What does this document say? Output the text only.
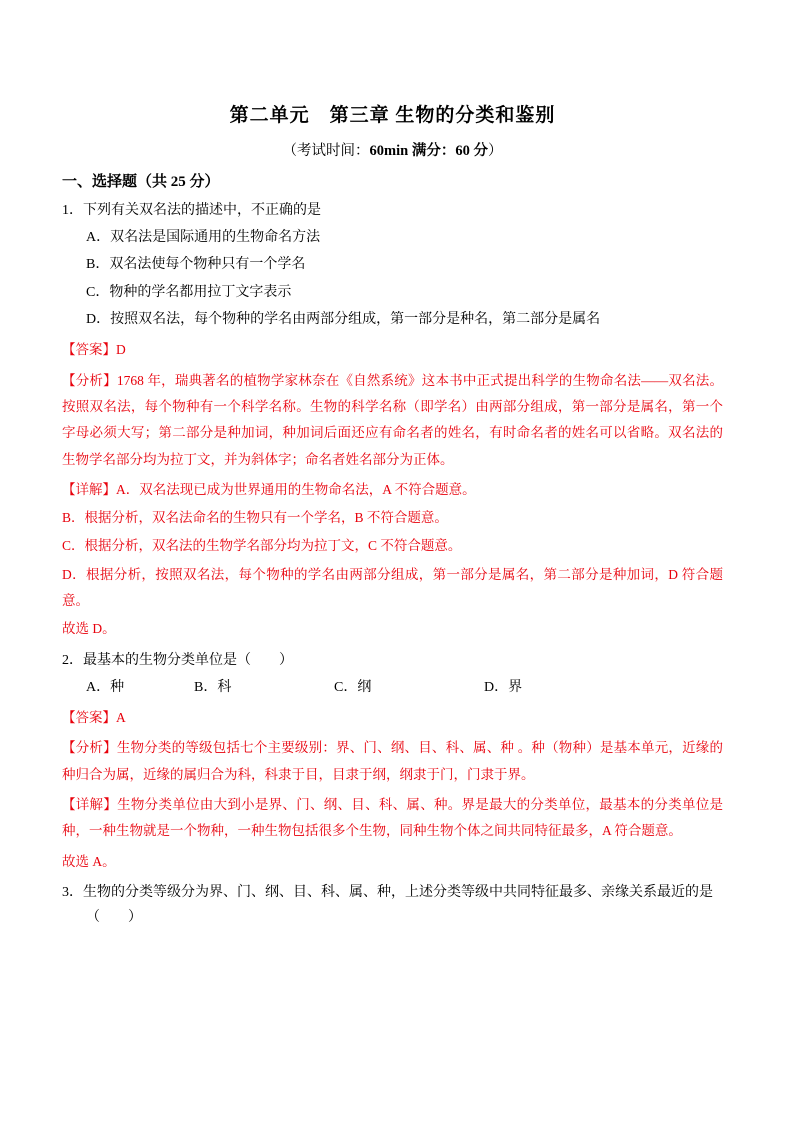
第二单元　第三章 生物的分类和鉴别
（考试时间：60min 满分：60 分）
一、选择题（共 25 分）
1．下列有关双名法的描述中，不正确的是
A．双名法是国际通用的生物命名方法
B．双名法使每个物种只有一个学名
C．物种的学名都用拉丁文字表示
D．按照双名法，每个物种的学名由两部分组成，第一部分是种名，第二部分是属名
【答案】D
【分析】1768 年，瑞典著名的植物学家林奈在《自然系统》这本书中正式提出科学的生物命名法——双名法。按照双名法，每个物种有一个科学名称。生物的科学名称（即学名）由两部分组成，第一部分是属名，第一个字母必须大写；第二部分是种加词，种加词后面还应有命名者的姓名，有时命名者的姓名可以省略。双名法的生物学名部分均为拉丁文，并为斜体字；命名者姓名部分为正体。
【详解】A．双名法现已成为世界通用的生物命名法，A 不符合题意。
B．根据分析，双名法命名的生物只有一个学名，B 不符合题意。
C．根据分析，双名法的生物学名部分均为拉丁文，C 不符合题意。
D．根据分析，按照双名法，每个物种的学名由两部分组成，第一部分是属名，第二部分是种加词，D 符合题意。
故选 D。
2．最基本的生物分类单位是（　　）
A．种	B．科	C．纲	D．界
【答案】A
【分析】生物分类的等级包括七个主要级别：界、门、纲、目、科、属、种 。种（物种）是基本单元，近缘的种归合为属，近缘的属归合为科，科隶于目，目隶于纲，纲隶于门，门隶于界。
【详解】生物分类单位由大到小是界、门、纲、目、科、属、种。界是最大的分类单位，最基本的分类单位是种，一种生物就是一个物种，一种生物包括很多个生物，同种生物个体之间共同特征最多，A 符合题意。
故选 A。
3．生物的分类等级分为界、门、纲、目、科、属、种，上述分类等级中共同特征最多、亲缘关系最近的是
（　　）
